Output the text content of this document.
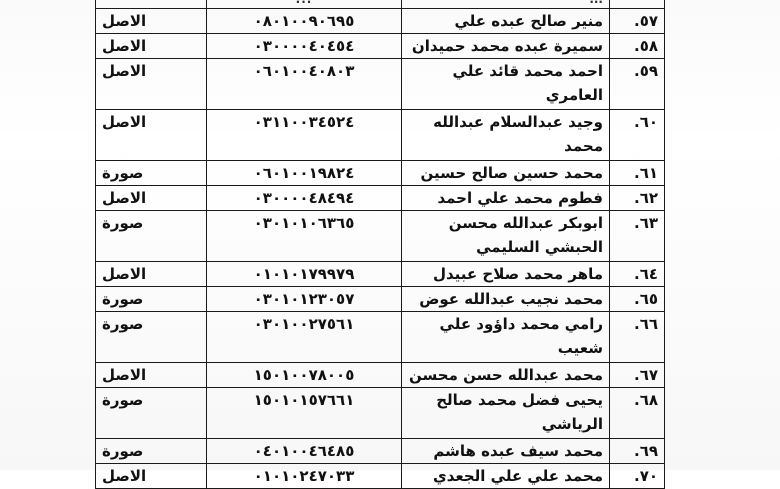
٥٧.	منير صالح عبده علي	٠٨٠١٠٠٩٠٦٩٥	الاصل
٥٨.	سميرة عبده محمد حميدان	٠٣٠٠٠٠٤٠٤٥٤	الاصل
٥٩.	احمد محمد قائد علي العامري	٠٦٠١٠٠٤٠٨٠٣	الاصل
٦٠.	وجيد عبدالسلام عبدالله محمد	٠٣١١٠٠٣٤٥٢٤	الاصل
٦١.	محمد حسين صالح حسين	٠٦٠١٠٠١٩٨٢٤	صورة
٦٢.	فطوم محمد علي احمد	٠٣٠٠٠٠٤٨٤٩٤	الاصل
٦٣.	ابوبكر عبدالله محسن الحبشي السليمي	٠٣٠١٠١٠٦٣٦٥	صورة
٦٤.	ماهر محمد صلاح عبيدل	٠١٠١٠١٧٩٩٧٩	الاصل
٦٥.	محمد نجيب عبدالله عوض	٠٣٠١٠١٢٣٠٥٧	صورة
٦٦.	رامي محمد داؤود علي شعيب	٠٣٠١٠٠٢٧٥٦١	صورة
٦٧.	محمد عبدالله حسن محسن	١٥٠١٠٠٧٨٠٠٥	الاصل
٦٨.	يحيى فضل محمد صالح الرياشي	١٥٠١٠١٥٧٦٦١	صورة
٦٩.	محمد سيف عبده هاشم	٠٤٠١٠٠٤٦٤٨٥	صورة
٧٠.	محمد علي علي الجعدي	٠١٠١٠٢٤٧٠٣٣	الاصل
